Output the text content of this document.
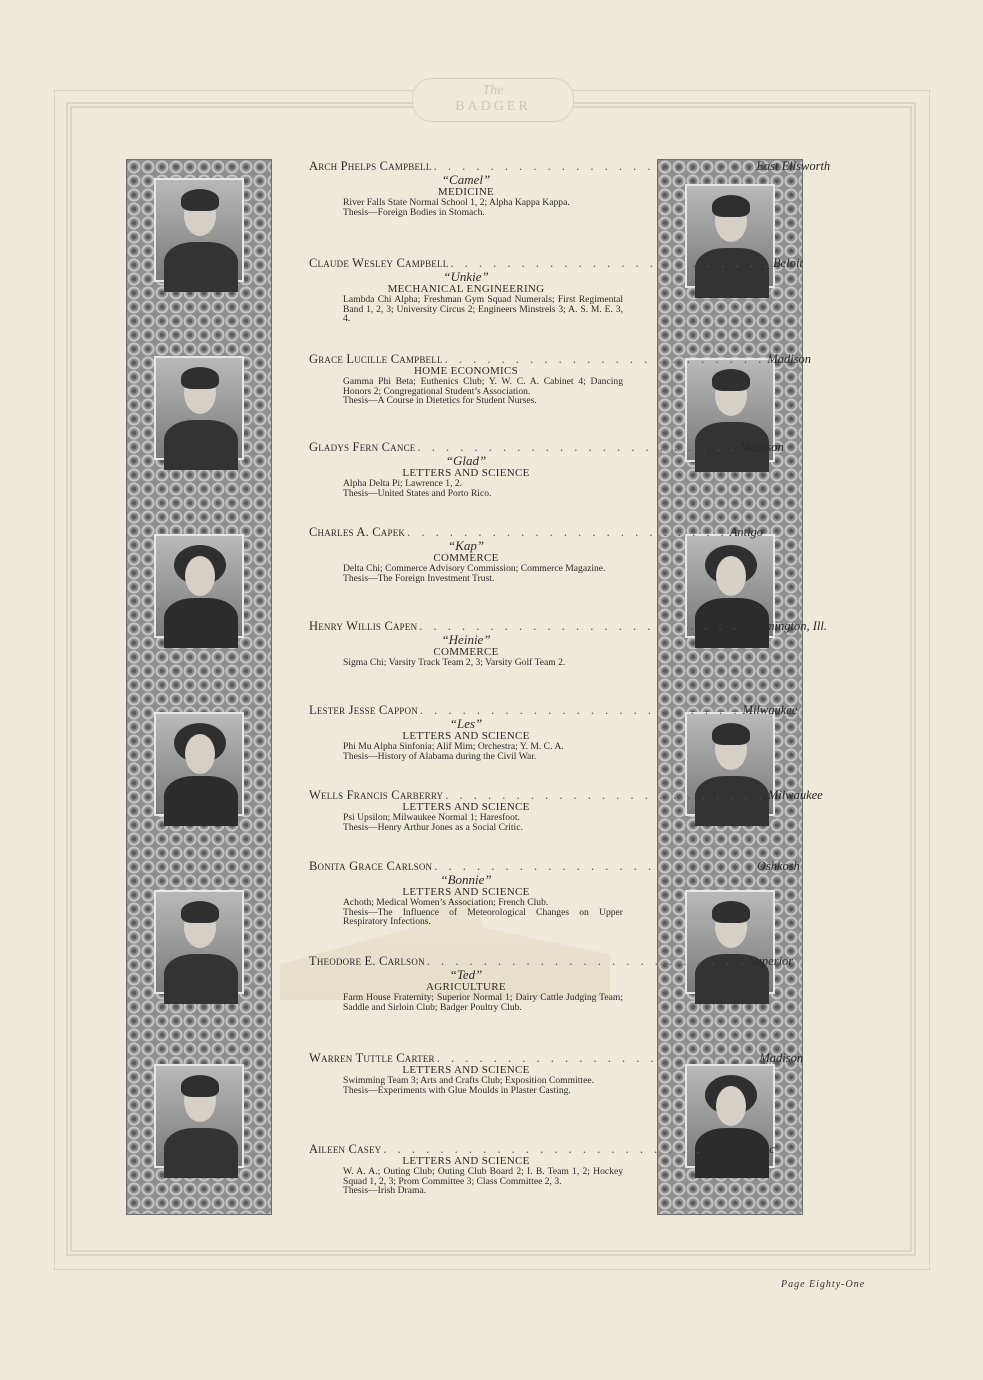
The
BADGER
Arch Phelps Campbell . . . . . . . . . . . . . . . . . . . . . . . East Ellsworth
“Camel”
MEDICINE
River Falls State Normal School 1, 2; Alpha Kappa Kappa.
Thesis—Foreign Bodies in Stomach.
Claude Wesley Campbell . . . . . . . . . . . . . . . . . . . . . . . Beloit
“Unkie”
MECHANICAL ENGINEERING
Lambda Chi Alpha; Freshman Gym Squad Numerals; First Regimental Band 1, 2, 3; University Circus 2; Engineers Minstrels 3; A. S. M. E. 3, 4.
Grace Lucille Campbell . . . . . . . . . . . . . . . . . . . . . . . Madison
HOME ECONOMICS
Gamma Phi Beta; Euthenics Club; Y. W. C. A. Cabinet 4; Dancing Honors 2; Congregational Student’s Association.
Thesis—A Course in Dietetics for Student Nurses.
Gladys Fern Cance . . . . . . . . . . . . . . . . . . . . . . . Madison
“Glad”
LETTERS AND SCIENCE
Alpha Delta Pi; Lawrence 1, 2.
Thesis—United States and Porto Rico.
Charles A. Capek . . . . . . . . . . . . . . . . . . . . . . . Antigo
“Kap”
COMMERCE
Delta Chi; Commerce Advisory Commission; Commerce Magazine.
Thesis—The Foreign Investment Trust.
Henry Willis Capen . . . . . . . . . . . . . . . . . . . . . . . Bloomington, Ill.
“Heinie”
COMMERCE
Sigma Chi; Varsity Track Team 2, 3; Varsity Golf Team 2.
Lester Jesse Cappon . . . . . . . . . . . . . . . . . . . . . . . Milwaukee
“Les”
LETTERS AND SCIENCE
Phi Mu Alpha Sinfonia; Alif Mim; Orchestra; Y. M. C. A.
Thesis—History of Alabama during the Civil War.
Wells Francis Carberry . . . . . . . . . . . . . . . . . . . . . . . Milwaukee
LETTERS AND SCIENCE
Psi Upsilon; Milwaukee Normal 1; Haresfoot.
Thesis—Henry Arthur Jones as a Social Critic.
Bonita Grace Carlson . . . . . . . . . . . . . . . . . . . . . . . Oshkosh
“Bonnie”
LETTERS AND SCIENCE
Achoth; Medical Women’s Association; French Club.
Thesis—The Influence of Meteorological Changes on Upper Respiratory Infections.
Theodore E. Carlson . . . . . . . . . . . . . . . . . . . . . . . Superior
“Ted”
AGRICULTURE
Farm House Fraternity; Superior Normal 1; Dairy Cattle Judging Team; Saddle and Sirloin Club; Badger Poultry Club.
Warren Tuttle Carter . . . . . . . . . . . . . . . . . . . . . . . Madison
LETTERS AND SCIENCE
Swimming Team 3; Arts and Crafts Club; Exposition Committee.
Thesis—Experiments with Glue Moulds in Plaster Casting.
Aileen Casey . . . . . . . . . . . . . . . . . . . . . . . Oconomowoc
LETTERS AND SCIENCE
W. A. A.; Outing Club; Outing Club Board 2; I. B. Team 1, 2; Hockey Squad 1, 2, 3; Prom Committee 3; Class Committee 2, 3.
Thesis—Irish Drama.
Page Eighty-One
